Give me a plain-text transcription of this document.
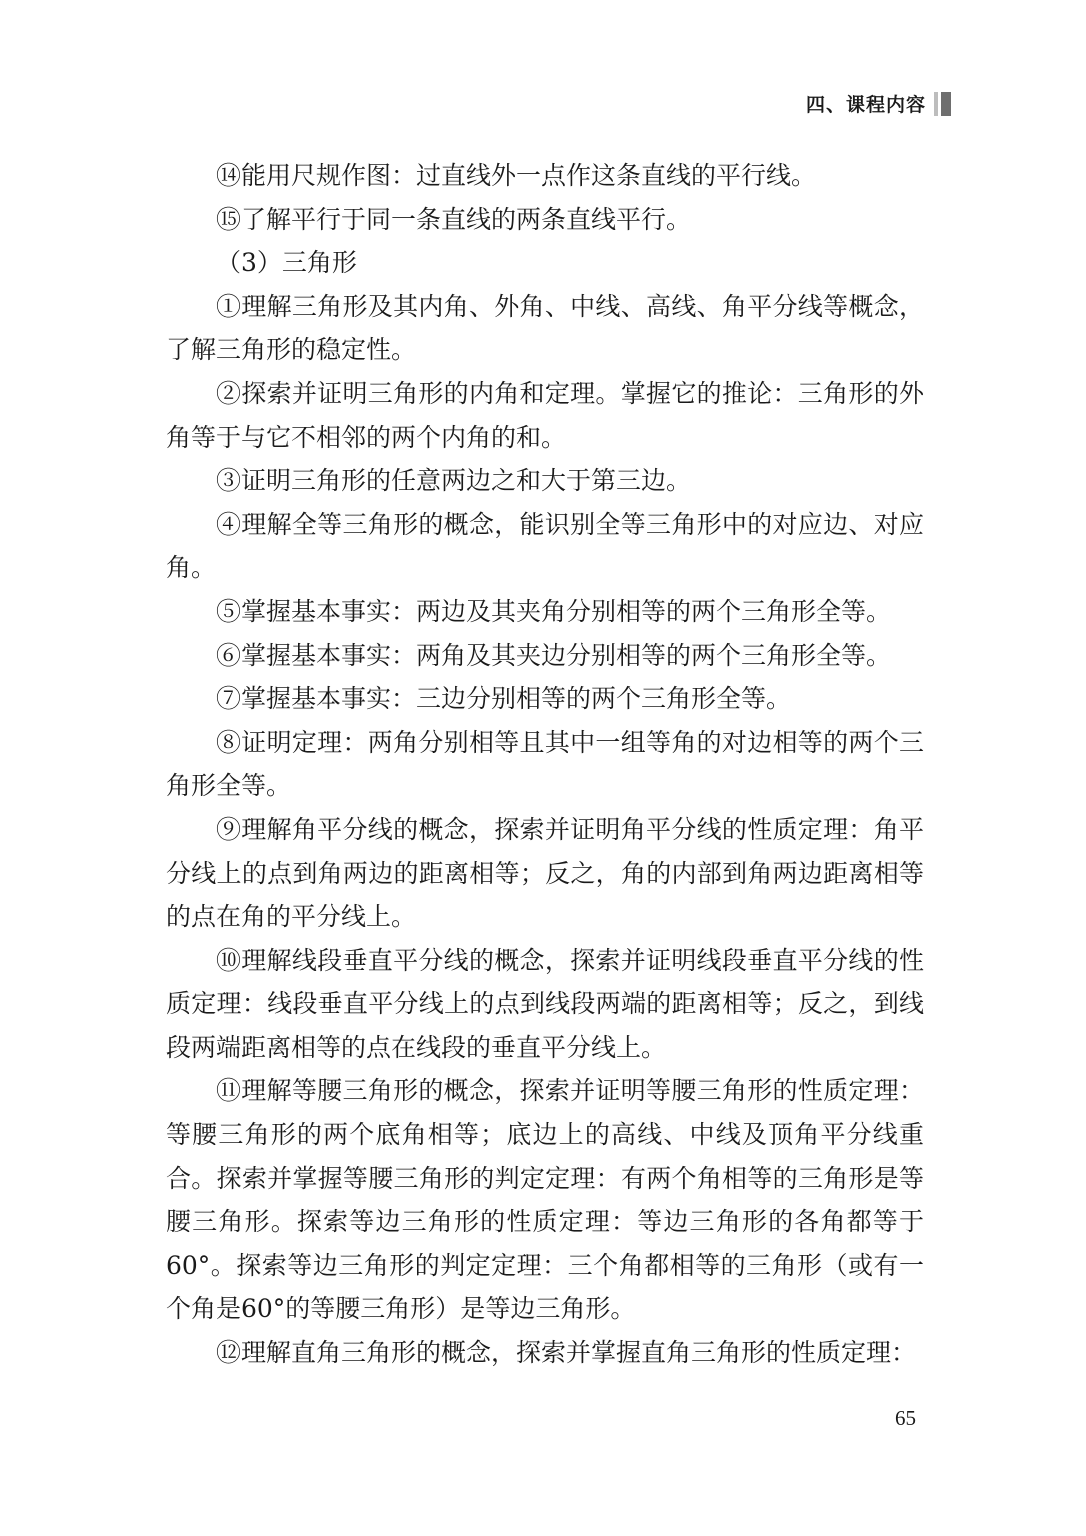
四、课程内容

⑭能用尺规作图：过直线外一点作这条直线的平行线。

⑮了解平行于同一条直线的两条直线平行。

（3）三角形

①理解三角形及其内角、外角、中线、高线、角平分线等概念，了解三角形的稳定性。

②探索并证明三角形的内角和定理。掌握它的推论：三角形的外角等于与它不相邻的两个内角的和。

③证明三角形的任意两边之和大于第三边。

④理解全等三角形的概念，能识别全等三角形中的对应边、对应角。

⑤掌握基本事实：两边及其夹角分别相等的两个三角形全等。

⑥掌握基本事实：两角及其夹边分别相等的两个三角形全等。

⑦掌握基本事实：三边分别相等的两个三角形全等。

⑧证明定理：两角分别相等且其中一组等角的对边相等的两个三角形全等。

⑨理解角平分线的概念，探索并证明角平分线的性质定理：角平分线上的点到角两边的距离相等；反之，角的内部到角两边距离相等的点在角的平分线上。

⑩理解线段垂直平分线的概念，探索并证明线段垂直平分线的性质定理：线段垂直平分线上的点到线段两端的距离相等；反之，到线段两端距离相等的点在线段的垂直平分线上。

⑪理解等腰三角形的概念，探索并证明等腰三角形的性质定理：等腰三角形的两个底角相等；底边上的高线、中线及顶角平分线重合。探索并掌握等腰三角形的判定定理：有两个角相等的三角形是等腰三角形。探索等边三角形的性质定理：等边三角形的各角都等于60°。探索等边三角形的判定定理：三个角都相等的三角形（或有一个角是60°的等腰三角形）是等边三角形。

⑫理解直角三角形的概念，探索并掌握直角三角形的性质定理：

65
